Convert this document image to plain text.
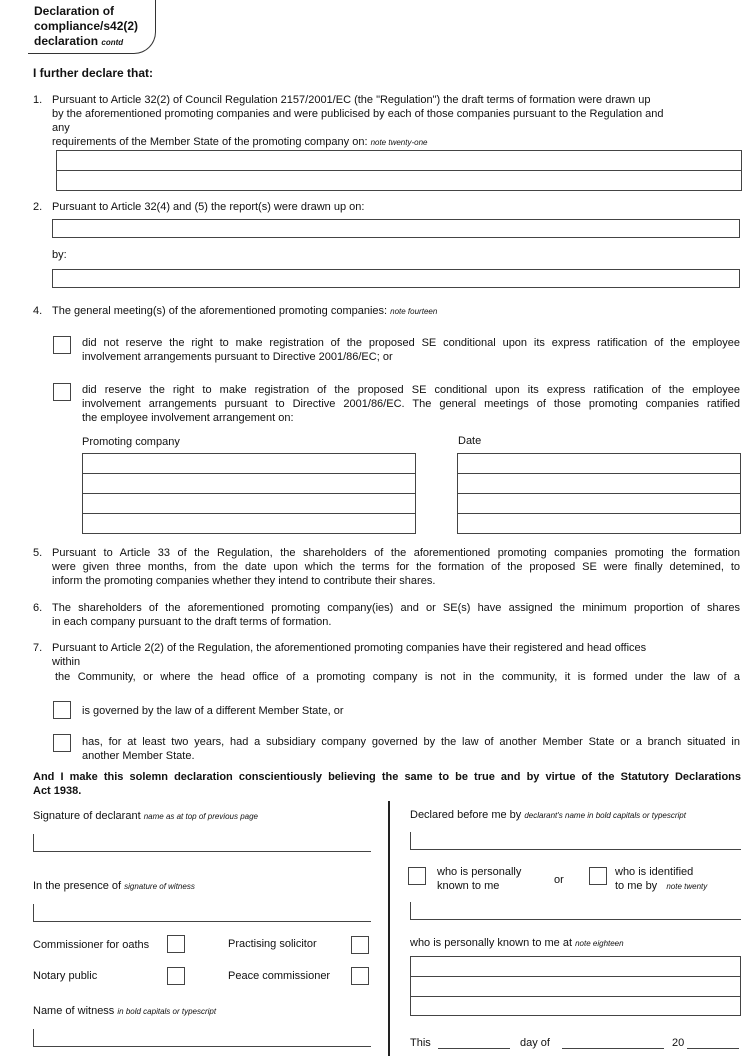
Declaration of
compliance/s42(2)
declaration contd
I further declare that:
1. Pursuant to Article 32(2) of Council Regulation 2157/2001/EC (the "Regulation") the draft terms of formation were drawn up
by the aforementioned promoting companies and were publicised by each of those companies pursuant to the Regulation and
any
requirements of the Member State of the promoting company on: note twenty-one
2. Pursuant to Article 32(4) and (5) the report(s) were drawn up on:
by:
4. The general meeting(s) of the aforementioned promoting companies: note fourteen
did not reserve the right to make registration of the proposed SE conditional upon its express ratification of the employee
involvement arrangements pursuant to Directive 2001/86/EC; or
did reserve the right to make registration of the proposed SE conditional upon its express ratification of the employee
involvement arrangements pursuant to Directive 2001/86/EC. The general meetings of those promoting companies ratified
the employee involvement arrangement on:
Promoting company	Date
5. Pursuant to Article 33 of the Regulation, the shareholders of the aforementioned promoting companies promoting the formation
were given three months, from the date upon which the terms for the formation of the proposed SE were finally detemined, to
inform the promoting companies whether they intend to contribute their shares.
6. The shareholders of the aforementioned promoting company(ies) and or SE(s) have assigned the minimum proportion of shares
in each company pursuant to the draft terms of formation.
7. Pursuant to Article 2(2) of the Regulation, the aforementioned promoting companies have their registered and head offices
within
the Community, or where the head office of a promoting company is not in the community, it is formed under the law of a
is governed by the law of a different Member State, or
has, for at least two years, had a subsidiary company governed by the law of another Member State or a branch situated in
another Member State.
And I make this solemn declaration conscientiously believing the same to be true and by virtue of the Statutory Declarations
Act 1938.
Signature of declarant name as at top of previous page
In the presence of signature of witness
Commissioner for oaths	Practising solicitor
Notary public	Peace commissioner
Name of witness in bold capitals or typescript
Declared before me by declarant's name in bold capitals or typescript
who is personally
known to me	or
who is identified
to me by note twenty
who is personally known to me at note eighteen
This	day of	20
